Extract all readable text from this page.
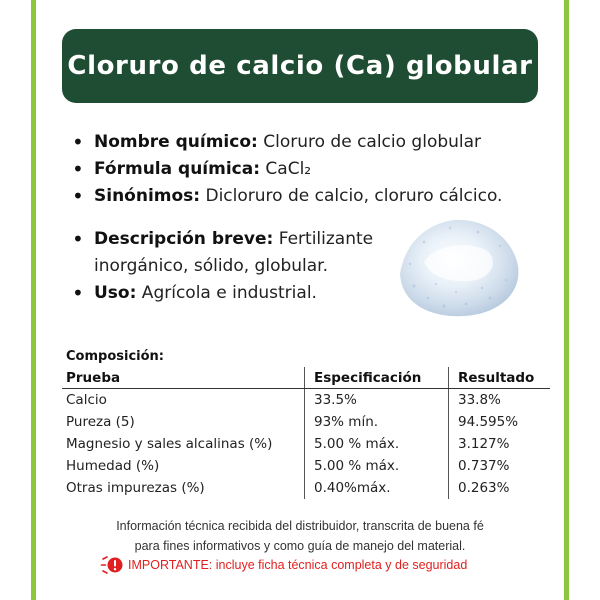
Cloruro de calcio (Ca) globular
• Nombre químico: Cloruro de calcio globular
• Fórmula química: CaCl₂
• Sinónimos: Dicloruro de calcio, cloruro cálcico.
• Descripción breve: Fertilizante inorgánico, sólido, globular.
• Uso: Agrícola e industrial.
Composición:
Prueba	Especificación	Resultado
Calcio	33.5%	33.8%
Pureza (5)	93% mín.	94.595%
Magnesio y sales alcalinas (%)	5.00 % máx.	3.127%
Humedad (%)	5.00 % máx.	0.737%
Otras impurezas (%)	0.40%máx.	0.263%
Información técnica recibida del distribuidor, transcrita de buena fé
para fines informativos y como guía de manejo del material.
IMPORTANTE: incluye ficha técnica completa y de seguridad
